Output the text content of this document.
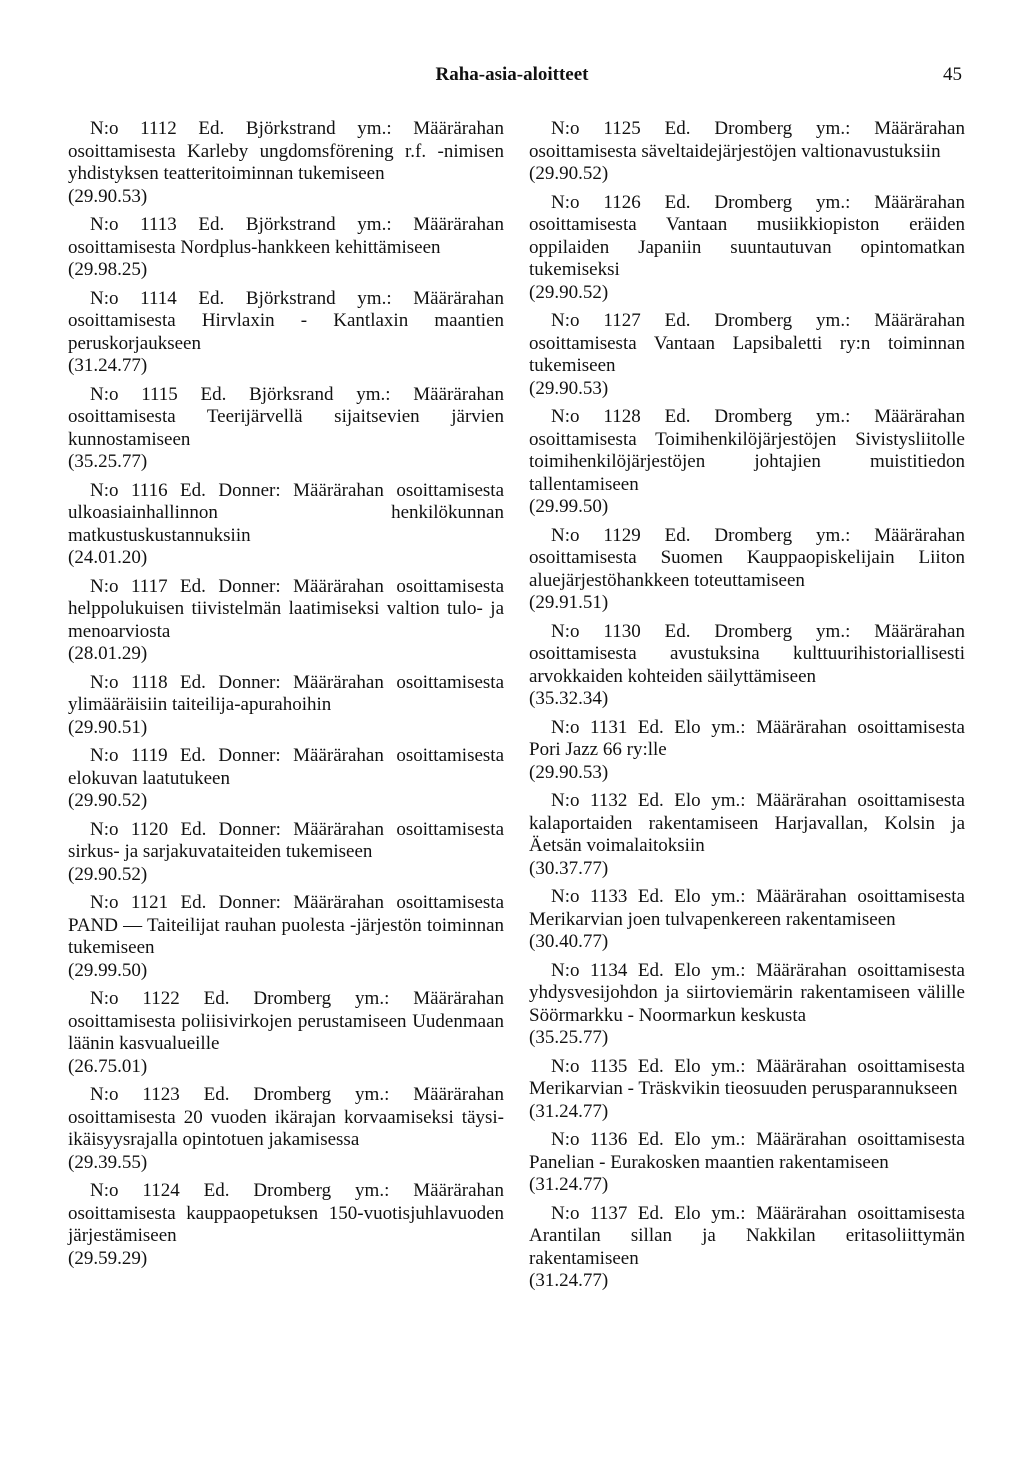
Raha-asia-aloitteet	45
N:o 1112 Ed. Björkstrand ym.: Määrärahan osoittamisesta Karleby ungdomsförening r.f. -nimisen yhdistyksen teatteritoiminnan tukemiseen
(29.90.53)
N:o 1113 Ed. Björkstrand ym.: Määrärahan osoittamisesta Nordplus-hankkeen kehittämiseen
(29.98.25)
N:o 1114 Ed. Björkstrand ym.: Määrärahan osoittamisesta Hirvlaxin - Kantlaxin maantien peruskorjaukseen
(31.24.77)
N:o 1115 Ed. Björksrand ym.: Määrärahan osoittamisesta Teerijärvellä sijaitsevien järvien kunnostamiseen
(35.25.77)
N:o 1116 Ed. Donner: Määrärahan osoittamisesta ulkoasiainhallinnon henkilökunnan matkustuskustannuksiin
(24.01.20)
N:o 1117 Ed. Donner: Määrärahan osoittamisesta helppolukuisen tiivistelmän laatimiseksi valtion tulo- ja menoarviosta
(28.01.29)
N:o 1118 Ed. Donner: Määrärahan osoittamisesta ylimääräisiin taiteilija-apurahoihin
(29.90.51)
N:o 1119 Ed. Donner: Määrärahan osoittamisesta elokuvan laatutukeen
(29.90.52)
N:o 1120 Ed. Donner: Määrärahan osoittamisesta sirkus- ja sarjakuvataiteiden tukemiseen
(29.90.52)
N:o 1121 Ed. Donner: Määrärahan osoittamisesta PAND — Taiteilijat rauhan puolesta -järjestön toiminnan tukemiseen
(29.99.50)
N:o 1122 Ed. Dromberg ym.: Määrärahan osoittamisesta poliisivirkojen perustamiseen Uudenmaan läänin kasvualueille
(26.75.01)
N:o 1123 Ed. Dromberg ym.: Määrärahan osoittamisesta 20 vuoden ikärajan korvaamiseksi täysi-ikäisyysrajalla opintotuen jakamisessa
(29.39.55)
N:o 1124 Ed. Dromberg ym.: Määrärahan osoittamisesta kauppaopetuksen 150-vuotisjuhlavuoden järjestämiseen
(29.59.29)
N:o 1125 Ed. Dromberg ym.: Määrärahan osoittamisesta säveltaidejärjestöjen valtionavustuksiin
(29.90.52)
N:o 1126 Ed. Dromberg ym.: Määrärahan osoittamisesta Vantaan musiikkiopiston eräiden oppilaiden Japaniin suuntautuvan opintomatkan tukemiseksi
(29.90.52)
N:o 1127 Ed. Dromberg ym.: Määrärahan osoittamisesta Vantaan Lapsibaletti ry:n toiminnan tukemiseen
(29.90.53)
N:o 1128 Ed. Dromberg ym.: Määrärahan osoittamisesta Toimihenkilöjärjestöjen Sivistysliitolle toimihenkilöjärjestöjen johtajien muistitiedon tallentamiseen
(29.99.50)
N:o 1129 Ed. Dromberg ym.: Määrärahan osoittamisesta Suomen Kauppaopiskelijain Liiton aluejärjestöhankkeen toteuttamiseen
(29.91.51)
N:o 1130 Ed. Dromberg ym.: Määrärahan osoittamisesta avustuksina kulttuurihistoriallisesti arvokkaiden kohteiden säilyttämiseen
(35.32.34)
N:o 1131 Ed. Elo ym.: Määrärahan osoittamisesta Pori Jazz 66 ry:lle
(29.90.53)
N:o 1132 Ed. Elo ym.: Määrärahan osoittamisesta kalaportaiden rakentamiseen Harjavallan, Kolsin ja Äetsän voimalaitoksiin
(30.37.77)
N:o 1133 Ed. Elo ym.: Määrärahan osoittamisesta Merikarvian joen tulvapenkereen rakentamiseen
(30.40.77)
N:o 1134 Ed. Elo ym.: Määrärahan osoittamisesta yhdysvesijohdon ja siirtoviemärin rakentamiseen välille Söörmarkku - Noormarkun keskusta
(35.25.77)
N:o 1135 Ed. Elo ym.: Määrärahan osoittamisesta Merikarvian - Träskvikin tieosuuden perusparannukseen
(31.24.77)
N:o 1136 Ed. Elo ym.: Määrärahan osoittamisesta Panelian - Eurakosken maantien rakentamiseen
(31.24.77)
N:o 1137 Ed. Elo ym.: Määrärahan osoittamisesta Arantilan sillan ja Nakkilan eritasoliittymän rakentamiseen
(31.24.77)
